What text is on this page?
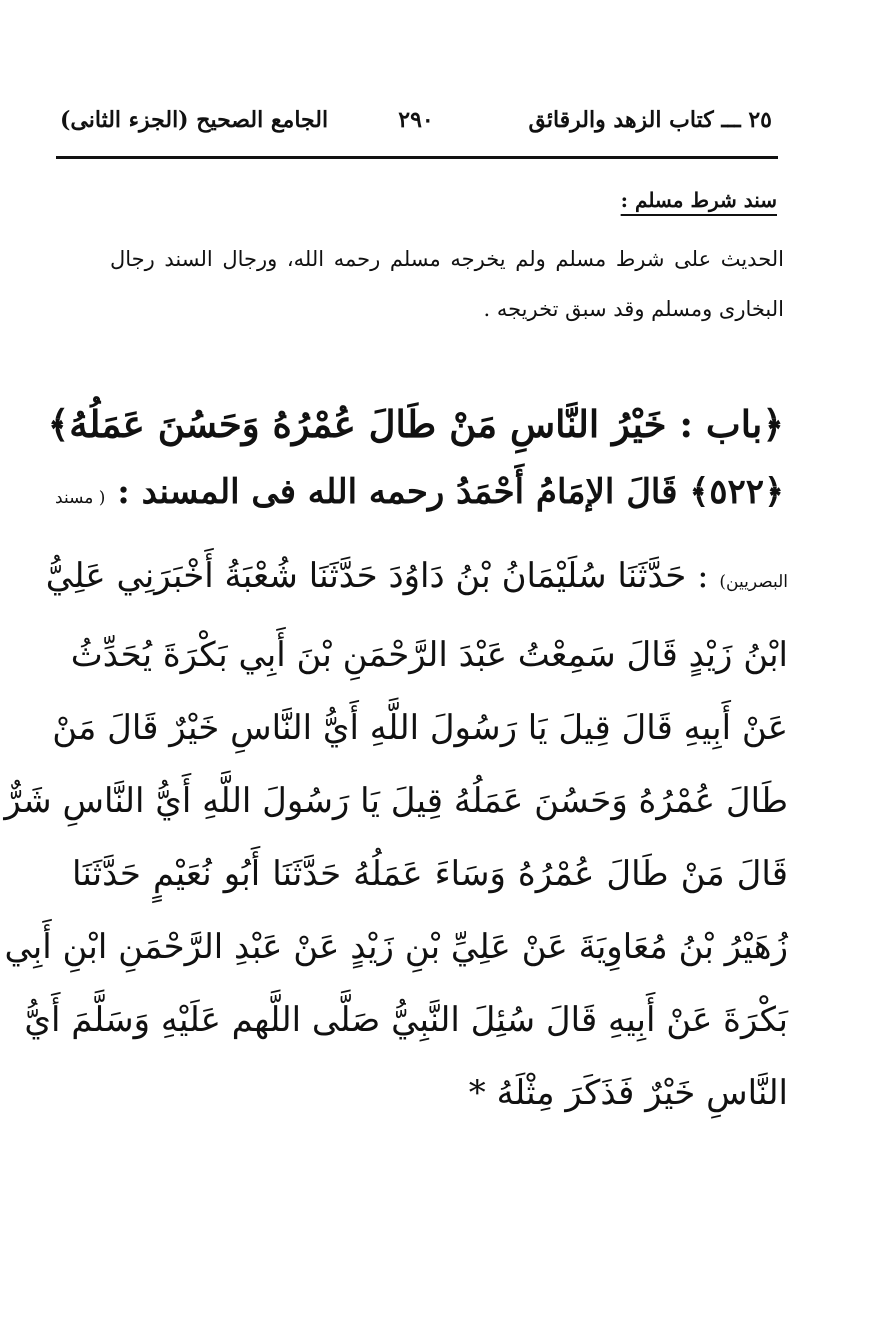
٢٥ ـــ كتاب الزهد والرقائق
٢٩٠
الجامع الصحيح (الجزء الثانى)
سند شرط مسلم :
الحديث على شرط مسلم ولم يخرجه مسلم رحمه الله، ورجال السند رجال البخارى ومسلم وقد سبق تخريجه .
﴿باب : خَيْرُ النَّاسِ مَنْ طَالَ عُمْرُهُ وَحَسُنَ عَمَلُهُ﴾
﴿٥٢٢﴾ قَالَ الإمَامُ أَحْمَدُ رحمه الله فى المسند : ( مسند
البصريين) : حَدَّثَنَا سُلَيْمَانُ بْنُ دَاوُدَ حَدَّثَنَا شُعْبَةُ أَخْبَرَنِي عَلِيُّ
ابْنُ زَيْدٍ قَالَ سَمِعْتُ عَبْدَ الرَّحْمَنِ بْنَ أَبِي بَكْرَةَ يُحَدِّثُ
عَنْ أَبِيهِ قَالَ قِيلَ يَا رَسُولَ اللَّهِ أَيُّ النَّاسِ خَيْرٌ قَالَ مَنْ
طَالَ عُمْرُهُ وَحَسُنَ عَمَلُهُ قِيلَ يَا رَسُولَ اللَّهِ أَيُّ النَّاسِ شَرٌّ
قَالَ مَنْ طَالَ عُمْرُهُ وَسَاءَ عَمَلُهُ حَدَّثَنَا أَبُو نُعَيْمٍ حَدَّثَنَا
زُهَيْرُ بْنُ مُعَاوِيَةَ عَنْ عَلِيِّ بْنِ زَيْدٍ عَنْ عَبْدِ الرَّحْمَنِ ابْنِ أَبِي
بَكْرَةَ عَنْ أَبِيهِ قَالَ سُئِلَ النَّبِيُّ صَلَّى اللَّهم عَلَيْهِ وَسَلَّمَ أَيُّ
النَّاسِ خَيْرٌ فَذَكَرَ مِثْلَهُ *
